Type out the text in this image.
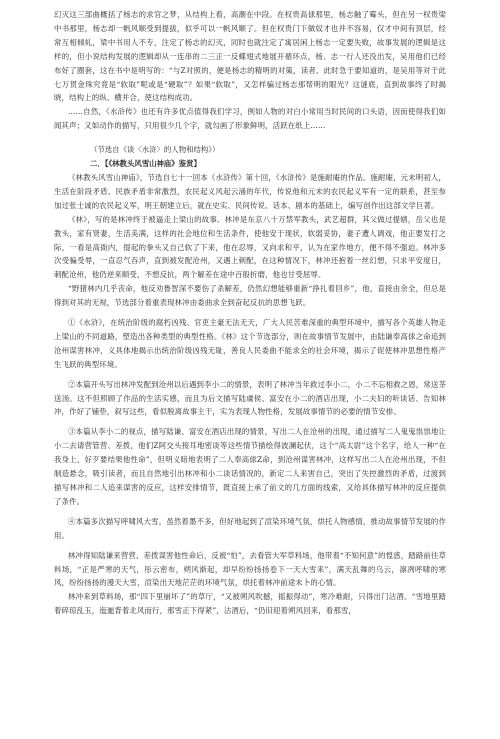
幻灭这三部曲概括了杨志的求官之梦，从结构上看，高潮在中段。在权贵高俅那里，杨志触了霉头，但在另一权贵梁中书那里，杨志却一帆风顺受到提拔，似乎可以一帆风顺了。但在权贵门下做奴才也并不容易，仅才中间有顶层，经常互相倾轧，梁中书用人不专，注定了杨志的幻灭，同时也就注定了寓居闲上杨志一定要失败，故事发展的逻辑是这样的，但小说结构发展的逻辑却从一连串的二三正一反蝶翅式地展开循环点，杨、志一行人还没出发，吴用他们已经布好了圈套，这在书中是明写的：“与Z对照的，便是杨志的精明的对策，读者、此时急于要知道的，是吴用等对于此七万贯金珠究竟是“软取”呢或是“硬取”？如果“软取”，又怎样骗过杨志那帮明的眼光？这谜底，直到故事终了时揭晓，结构上的纵、横并合，使这结构成功。

……自然，《水浒传》也还有许多优点值得我们学习，例如人物的对白小常用当时民间的口头语，因而使得我们如闻其声；又如动作的描写，只用很少几个字，就勾画了形象鲜明，活跃在纸上……

（节选自《谈〈水浒〉的人物和结构》）

二．【《林教头风雪山神庙》鉴赏】

《林教头风雪山神庙》，节选自七十一回本《水浒传》第十回，《水浒传》是施耐庵的作品。施耐庵，元末明初人，生活在阶段矛盾、民族矛盾非常激烈，农民起义风起云涌的年代，传说他和元末的农民起义军有一定的联系，甚至参加过张士诚的农民起义军，明王朝建立后，就在史实、民间传说、话本、剧本的基础上，编写创作出这部文学巨著。

《林》，写的是林冲终于被逼走上梁山的故事。林冲是东京八十万禁军教头，武艺超群，其父做过提辖，岳父也是教头，家有贤妻，生活美满，这样的社会地位和生活条件，使他安于现状，软弱妥协，妻子遭人调戏，他正要发打之际，一看是高衙内，提起的拳头又自己软了下来，他在忍辱，又向求和平，认为在家作地方，便不得不强迫。林冲多次受骗受辱，一直忍气吞声，直到被发配沧州，又遇上刺配，在这种情况下，林冲还抱着一丝幻想，只求平安度日，刺配沧州，他仍逆来顺受，不想反抗，两个解差在途中百般折磨，他也甘受屈辱。

“野猪林内几乎丧命，他反劝鲁智深不要伤了杀解差，仍然幻想能够重新“挣扎着回乡”，他，直接由余全，但总是得到对其的无视，节选部分着重表现林冲由委曲求全到奋起反抗的思想飞跃。

①《水浒》，在统治阶级的腐朽凶残、官吏主豪无法无天，广大人民苦难深重的典型环境中，描写各个英雄人物走上梁山的不同道路，塑造出各种类型的典型性格。《林》这个节选部分，则在故事情节发展中，由陆谦奉高俅之命追到沧州谋害林冲，义具体地揭示出统治阶级凶残无耻，善良人民委曲不能求全的社会环境，揭示了促使林冲思想性格产生飞跃的典型环境。

②本篇开头写出林冲发配到沧州以后遇到李小二的情景，表明了林冲当年救过李小二，小二不忘相救之恩，常送茶送汤。这不但照顾了作品的生活实感，而且为后文描写陆虞侯、富安在小二的酒店出现，小二夫妇的听谈话、告知林冲，作好了铺垫，叙写这些，看似脱离故事主干，实为表现人物性格，发展故事情节的必要的情节安排。

③本篇从李小二的视点，描写陆谦、富安在酒店出现的情景，写出二人在沧州的出现，通过描写二人鬼鬼祟祟地让小二去请营管营、差拨，他们Z阿交头接耳地密谈等这些情节描绘得波澜起伏，这个“高太尉”这个名字，给人一种“在我身上，好歹要结果他性命”，但明义暗地表明了二人奉高俅Z命，到沧州谋害林冲，这样写出二人在沧州出现，不但制造悬念，吸引读者，而且自然地引出林冲和小二谈话情况的，新定二人来害自己，突出了失控激烈的矛盾，过渡到描写林冲和二人追来谋害的反应，这样安排情节，既直接上承了前文的几方面的线索，又给具体描写林冲的反应提供了条件。

④本篇多次描写呼啸风大雪，虽然着墨不多，但好地起到了渲染环境气氛，烘托人物感情，推动故事情节发展的作用。

林冲得知陆谦来营营、差拨谋害他性命后，反被“怕”，去看管大军草料场，他带着“不知何意”的惶惑，踏路前往草料场，“正是严寒的天气，彤云密布，朔风渐起，却早纷纷扬扬卷下一天大雪来”，满天乱舞的乌云，凛冽呼啸的寒风，纷纷扬扬的漫天大雪，渲染出天地茫茫的环境气氛，烘托着林冲前途未卜的心情。

林冲来到草料场，那“四下里崩坏了”的草厅，“又被朔风吹撼，摇振得动”，寒冷难耐，只得出门沽酒。“雪地里踏着碎琼乱玉，迤逦背着北风而行，那雪正下得紧”，沽酒后，“仍旧迎着朔风回来，看那雪，
